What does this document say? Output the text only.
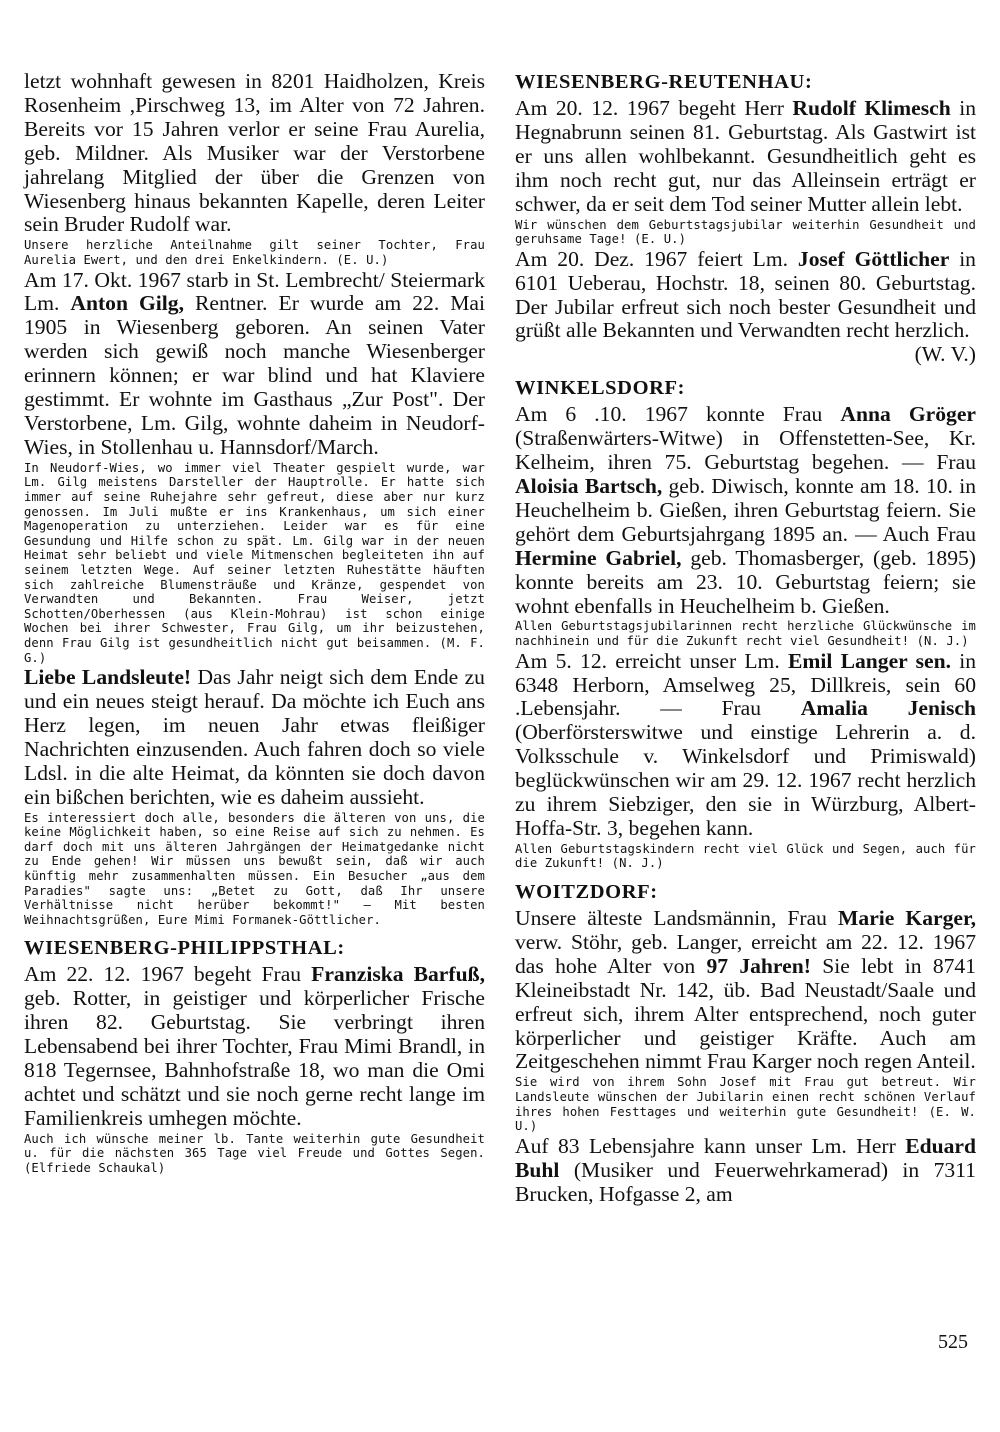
letzt wohnhaft gewesen in 8201 Haidholzen, Kreis Rosenheim ,Pirschweg 13, im Alter von 72 Jahren. Bereits vor 15 Jahren verlor er seine Frau Aurelia, geb. Mildner. Als Musiker war der Verstorbene jahrelang Mitglied der über die Grenzen von Wiesenberg hinaus bekannten Kapelle, deren Leiter sein Bruder Rudolf war.

Unsere herzliche Anteilnahme gilt seiner Tochter, Frau Aurelia Ewert, und den drei Enkelkindern. (E. U.)

Am 17. Okt. 1967 starb in St. Lembrecht/ Steiermark Lm. Anton Gilg, Rentner. Er wurde am 22. Mai 1905 in Wiesenberg geboren. An seinen Vater werden sich gewiß noch manche Wiesenberger erinnern können; er war blind und hat Klaviere gestimmt. Er wohnte im Gasthaus „Zur Post". Der Verstorbene, Lm. Gilg, wohnte daheim in Neudorf-Wies, in Stollenhau u. Hannsdorf/March.

In Neudorf-Wies, wo immer viel Theater gespielt wurde, war Lm. Gilg meistens Darsteller der Hauptrolle. Er hatte sich immer auf seine Ruhejahre sehr gefreut, diese aber nur kurz genossen. Im Juli mußte er ins Krankenhaus, um sich einer Magenoperation zu unterziehen. Leider war es für eine Gesundung und Hilfe schon zu spät. Lm. Gilg war in der neuen Heimat sehr beliebt und viele Mitmenschen begleiteten ihn auf seinem letzten Wege. Auf seiner letzten Ruhestätte häuften sich zahlreiche Blumensträuße und Kränze, gespendet von Verwandten und Bekannten. Frau Weiser, jetzt Schotten/Oberhessen (aus Klein-Mohrau) ist schon einige Wochen bei ihrer Schwester, Frau Gilg, um ihr beizustehen, denn Frau Gilg ist gesundheitlich nicht gut beisammen. (M. F. G.)

Liebe Landsleute! Das Jahr neigt sich dem Ende zu und ein neues steigt herauf. Da möchte ich Euch ans Herz legen, im neuen Jahr etwas fleißiger Nachrichten einzusenden. Auch fahren doch so viele Ldsl. in die alte Heimat, da könnten sie doch davon ein bißchen berichten, wie es daheim aussieht.

Es interessiert doch alle, besonders die älteren von uns, die keine Möglichkeit haben, so eine Reise auf sich zu nehmen. Es darf doch mit uns älteren Jahrgängen der Heimatgedanke nicht zu Ende gehen! Wir müssen uns bewußt sein, daß wir auch künftig mehr zusammenhalten müssen. Ein Besucher „aus dem Paradies" sagte uns: „Betet zu Gott, daß Ihr unsere Verhältnisse nicht herüber bekommt!" — Mit besten Weihnachtsgrüßen, Eure Mimi Formanek-Göttlicher.

WIESENBERG-PHILIPPSTHAL:

Am 22. 12. 1967 begeht Frau Franziska Barfuß, geb. Rotter, in geistiger und körperlicher Frische ihren 82. Geburtstag. Sie verbringt ihren Lebensabend bei ihrer Tochter, Frau Mimi Brandl, in 818 Tegernsee, Bahnhofstraße 18, wo man die Omi achtet und schätzt und sie noch gerne recht lange im Familienkreis umhegen möchte.

Auch ich wünsche meiner lb. Tante weiterhin gute Gesundheit u. für die nächsten 365 Tage viel Freude und Gottes Segen. (Elfriede Schaukal)

WIESENBERG-REUTENHAU:

Am 20. 12. 1967 begeht Herr Rudolf Klimesch in Hegnabrunn seinen 81. Geburtstag. Als Gastwirt ist er uns allen wohlbekannt. Gesundheitlich geht es ihm noch recht gut, nur das Alleinsein erträgt er schwer, da er seit dem Tod seiner Mutter allein lebt.

Wir wünschen dem Geburtstagsjubilar weiterhin Gesundheit und geruhsame Tage! (E. U.)

Am 20. Dez. 1967 feiert Lm. Josef Göttlicher in 6101 Ueberau, Hochstr. 18, seinen 80. Geburtstag. Der Jubilar erfreut sich noch bester Gesundheit und grüßt alle Bekannten und Verwandten recht herzlich.
(W. V.)

WINKELSDORF:

Am 6 .10. 1967 konnte Frau Anna Gröger (Straßenwärters-Witwe) in Offenstetten-See, Kr. Kelheim, ihren 75. Geburtstag begehen. — Frau Aloisia Bartsch, geb. Diwisch, konnte am 18. 10. in Heuchelheim b. Gießen, ihren Geburtstag feiern. Sie gehört dem Geburtsjahrgang 1895 an. — Auch Frau Hermine Gabriel, geb. Thomasberger, (geb. 1895) konnte bereits am 23. 10. Geburtstag feiern; sie wohnt ebenfalls in Heuchelheim b. Gießen.

Allen Geburtstagsjubilarinnen recht herzliche Glückwünsche im nachhinein und für die Zukunft recht viel Gesundheit! (N. J.)

Am 5. 12. erreicht unser Lm. Emil Langer sen. in 6348 Herborn, Amselweg 25, Dillkreis, sein 60 .Lebensjahr. — Frau Amalia Jenisch (Oberförsterswitwe und einstige Lehrerin a. d. Volksschule v. Winkelsdorf und Primiswald) beglückwünschen wir am 29. 12. 1967 recht herzlich zu ihrem Siebziger, den sie in Würzburg, Albert-Hoffa-Str. 3, begehen kann.

Allen Geburtstagskindern recht viel Glück und Segen, auch für die Zukunft! (N. J.)

WOITZDORF:

Unsere älteste Landsmännin, Frau Marie Karger, verw. Stöhr, geb. Langer, erreicht am 22. 12. 1967 das hohe Alter von 97 Jahren! Sie lebt in 8741 Kleineibstadt Nr. 142, üb. Bad Neustadt/Saale und erfreut sich, ihrem Alter entsprechend, noch guter körperlicher und geistiger Kräfte. Auch am Zeitgeschehen nimmt Frau Karger noch regen Anteil.

Sie wird von ihrem Sohn Josef mit Frau gut betreut. Wir Landsleute wünschen der Jubilarin einen recht schönen Verlauf ihres hohen Festtages und weiterhin gute Gesundheit! (E. W. U.)

Auf 83 Lebensjahre kann unser Lm. Herr Eduard Buhl (Musiker und Feuerwehrkamerad) in 7311 Brucken, Hofgasse 2, am

525
